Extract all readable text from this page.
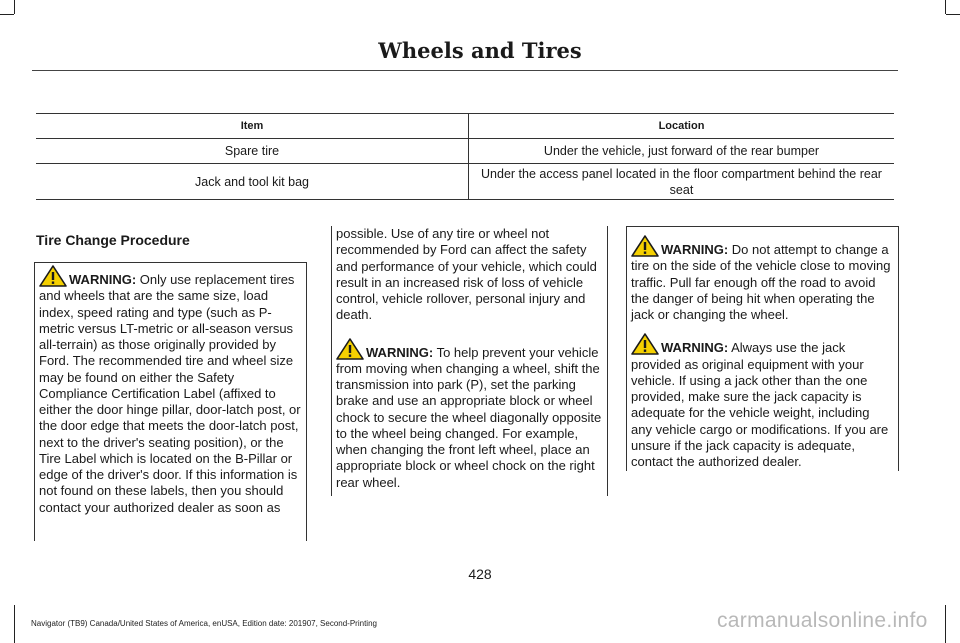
Wheels and Tires
Item	Location
Spare tire	Under the vehicle, just forward of the rear bumper
Jack and tool kit bag	Under the access panel located in the floor compartment behind the rear seat
Tire Change Procedure

WARNING: Only use replacement tires and wheels that are the same size, load index, speed rating and type (such as P-metric versus LT-metric or all-season versus all-terrain) as those originally provided by Ford. The recommended tire and wheel size may be found on either the Safety Compliance Certification Label (affixed to either the door hinge pillar, door-latch post, or the door edge that meets the door-latch post, next to the driver's seating position), or the Tire Label which is located on the B-Pillar or edge of the driver's door. If this information is not found on these labels, then you should contact your authorized dealer as soon as

possible. Use of any tire or wheel not recommended by Ford can affect the safety and performance of your vehicle, which could result in an increased risk of loss of vehicle control, vehicle rollover, personal injury and death.

WARNING: To help prevent your vehicle from moving when changing a wheel, shift the transmission into park (P), set the parking brake and use an appropriate block or wheel chock to secure the wheel diagonally opposite to the wheel being changed. For example, when changing the front left wheel, place an appropriate block or wheel chock on the right rear wheel.

WARNING: Do not attempt to change a tire on the side of the vehicle close to moving traffic. Pull far enough off the road to avoid the danger of being hit when operating the jack or changing the wheel.

WARNING: Always use the jack provided as original equipment with your vehicle. If using a jack other than the one provided, make sure the jack capacity is adequate for the vehicle weight, including any vehicle cargo or modifications. If you are unsure if the jack capacity is adequate, contact the authorized dealer.

428
Navigator (TB9) Canada/United States of America, enUSA, Edition date: 201907, Second-Printing	carmanualsonline.info
